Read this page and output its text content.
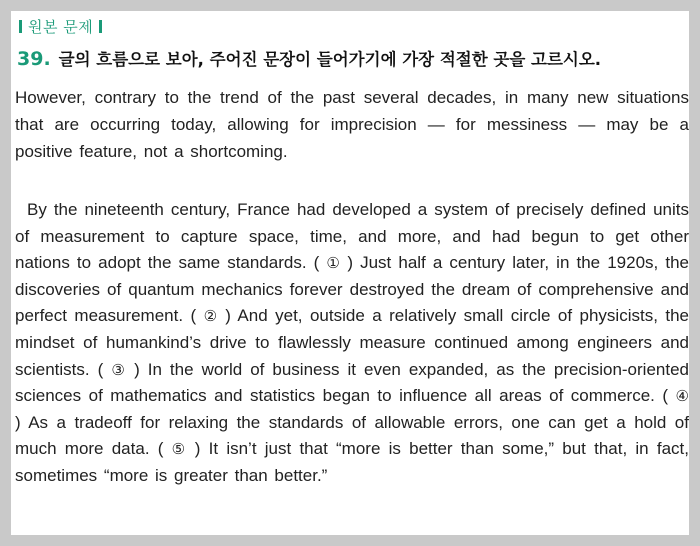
원본 문제
39. 글의 흐름으로 보아, 주어진 문장이 들어가기에 가장 적절한 곳을 고르시오.

However, contrary to the trend of the past several decades, in many new situations that are occurring today, allowing for imprecision — for messiness — may be a positive feature, not a shortcoming.

By the nineteenth century, France had developed a system of precisely defined units of measurement to capture space, time, and more, and had begun to get other nations to adopt the same standards. ( ① ) Just half a century later, in the 1920s, the discoveries of quantum mechanics forever destroyed the dream of comprehensive and perfect measurement. ( ② ) And yet, outside a relatively small circle of physicists, the mindset of humankind’s drive to flawlessly measure continued among engineers and scientists. ( ③ ) In the world of business it even expanded, as the precision-oriented sciences of mathematics and statistics began to influence all areas of commerce. ( ④ ) As a tradeoff for relaxing the standards of allowable errors, one can get a hold of much more data. ( ⑤ ) It isn’t just that “more is better than some,” but that, in fact, sometimes “more is greater than better.”
